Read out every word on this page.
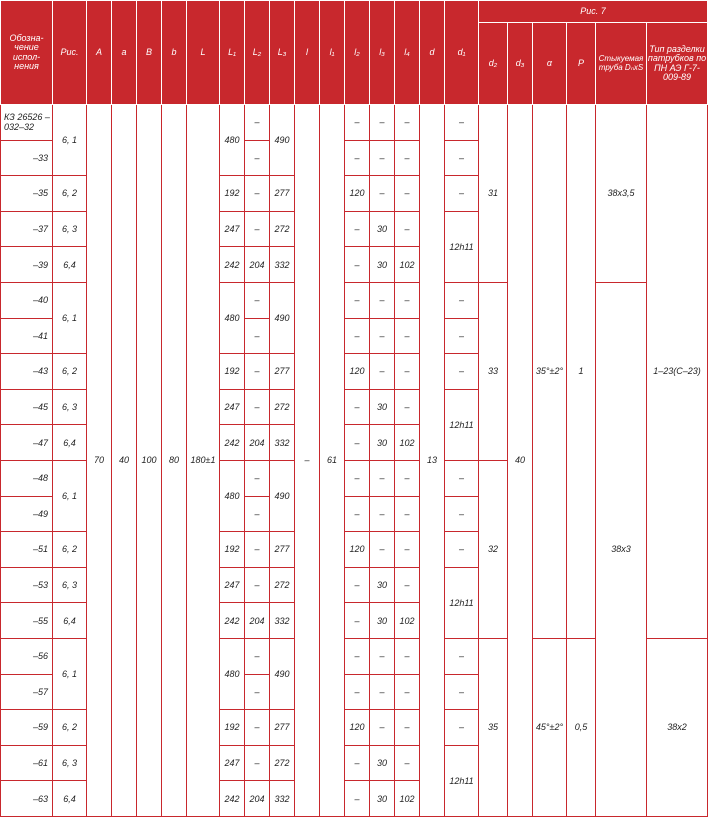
Обозна-чение испол-нения	Рис.	A	a	B	b	L	L₁	L₂	L₃	l	l₁	l₂	l₃	l₄	d	d₁	Рис. 7						
																	d₂	d₃	α	P	Стыкуемая труба DₙxS	Тип разделки патрубков по ПН АЭ Г-7-009-89	
КЗ 26526 –032–32	6, 1	70	40	100	80	180±1	480	–	490	–	61	–	–	–	13	–	31	40	35°±2°	1	38x3,5	1–23(С–23)	
–33								–				–	–	–		–							
–35	6, 2						192	–	277			120	–	–		–							
–37	6, 3						247	–	272			–	30	–		12h11							
–39	6,4						242	204	332			–	30	102									
–40	6, 1						480	–	490			–	–	–		–	33				38x3		
–41								–				–	–	–		–							
–43	6, 2						192	–	277			120	–	–		–							
–45	6, 3						247	–	272			–	30	–		12h11							
–47	6,4						242	204	332			–	30	102									
–48	6, 1						480	–	490			–	–	–		–	32						
–49								–				–	–	–		–							
–51	6, 2						192	–	277			120	–	–		–							
–53	6, 3						247	–	272			–	30	–		12h11							
–55	6,4						242	204	332			–	30	102									
–56	6, 1						480	–	490			–	–	–		–	35		45°±2°	0,5		38x2	
–57								–				–	–	–		–							
–59	6, 2						192	–	277			120	–	–		–							
–61	6, 3						247	–	272			–	30	–		12h11							
–63	6,4						242	204	332			–	30	102									
